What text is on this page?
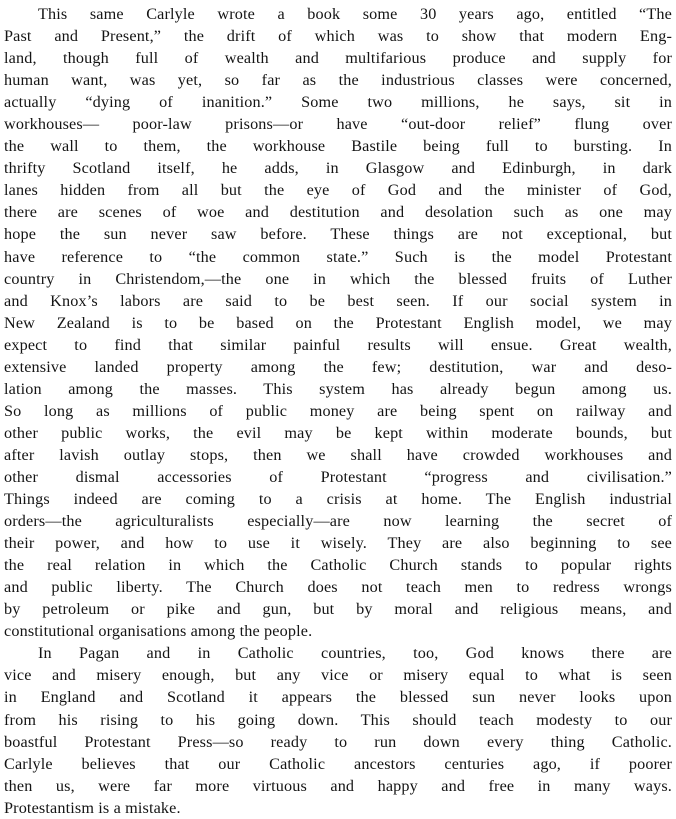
This same Carlyle wrote a book some 30 years ago, entitled “The
Past and Present,” the drift of which was to show that modern Eng-
land, though full of wealth and multifarious produce and supply for
human want, was yet, so far as the industrious classes were concerned,
actually “dying of inanition.” Some two millions, he says, sit in
workhouses— poor-law prisons—or have “out-door relief” flung over
the wall to them, the workhouse Bastile being full to bursting. In
thrifty Scotland itself, he adds, in Glasgow and Edinburgh, in dark
lanes hidden from all but the eye of God and the minister of God,
there are scenes of woe and destitution and desolation such as one may
hope the sun never saw before. These things are not exceptional, but
have reference to “the common state.” Such is the model Protestant
country in Christendom,—the one in which the blessed fruits of Luther
and Knox’s labors are said to be best seen. If our social system in
New Zealand is to be based on the Protestant English model, we may
expect to find that similar painful results will ensue. Great wealth,
extensive landed property among the few; destitution, war and deso-
lation among the masses. This system has already begun among us.
So long as millions of public money are being spent on railway and
other public works, the evil may be kept within moderate bounds, but
after lavish outlay stops, then we shall have crowded workhouses and
other dismal accessories of Protestant “progress and civilisation.”
Things indeed are coming to a crisis at home. The English industrial
orders—the agriculturalists especially—are now learning the secret of
their power, and how to use it wisely. They are also beginning to see
the real relation in which the Catholic Church stands to popular rights
and public liberty. The Church does not teach men to redress wrongs
by petroleum or pike and gun, but by moral and religious means, and
constitutional organisations among the people.

In Pagan and in Catholic countries, too, God knows there are
vice and misery enough, but any vice or misery equal to what is seen
in England and Scotland it appears the blessed sun never looks upon
from his rising to his going down. This should teach modesty to our
boastful Protestant Press—so ready to run down every thing Catholic.
Carlyle believes that our Catholic ancestors centuries ago, if poorer
then us, were far more virtuous and happy and free in many ways.
Protestantism is a mistake.
